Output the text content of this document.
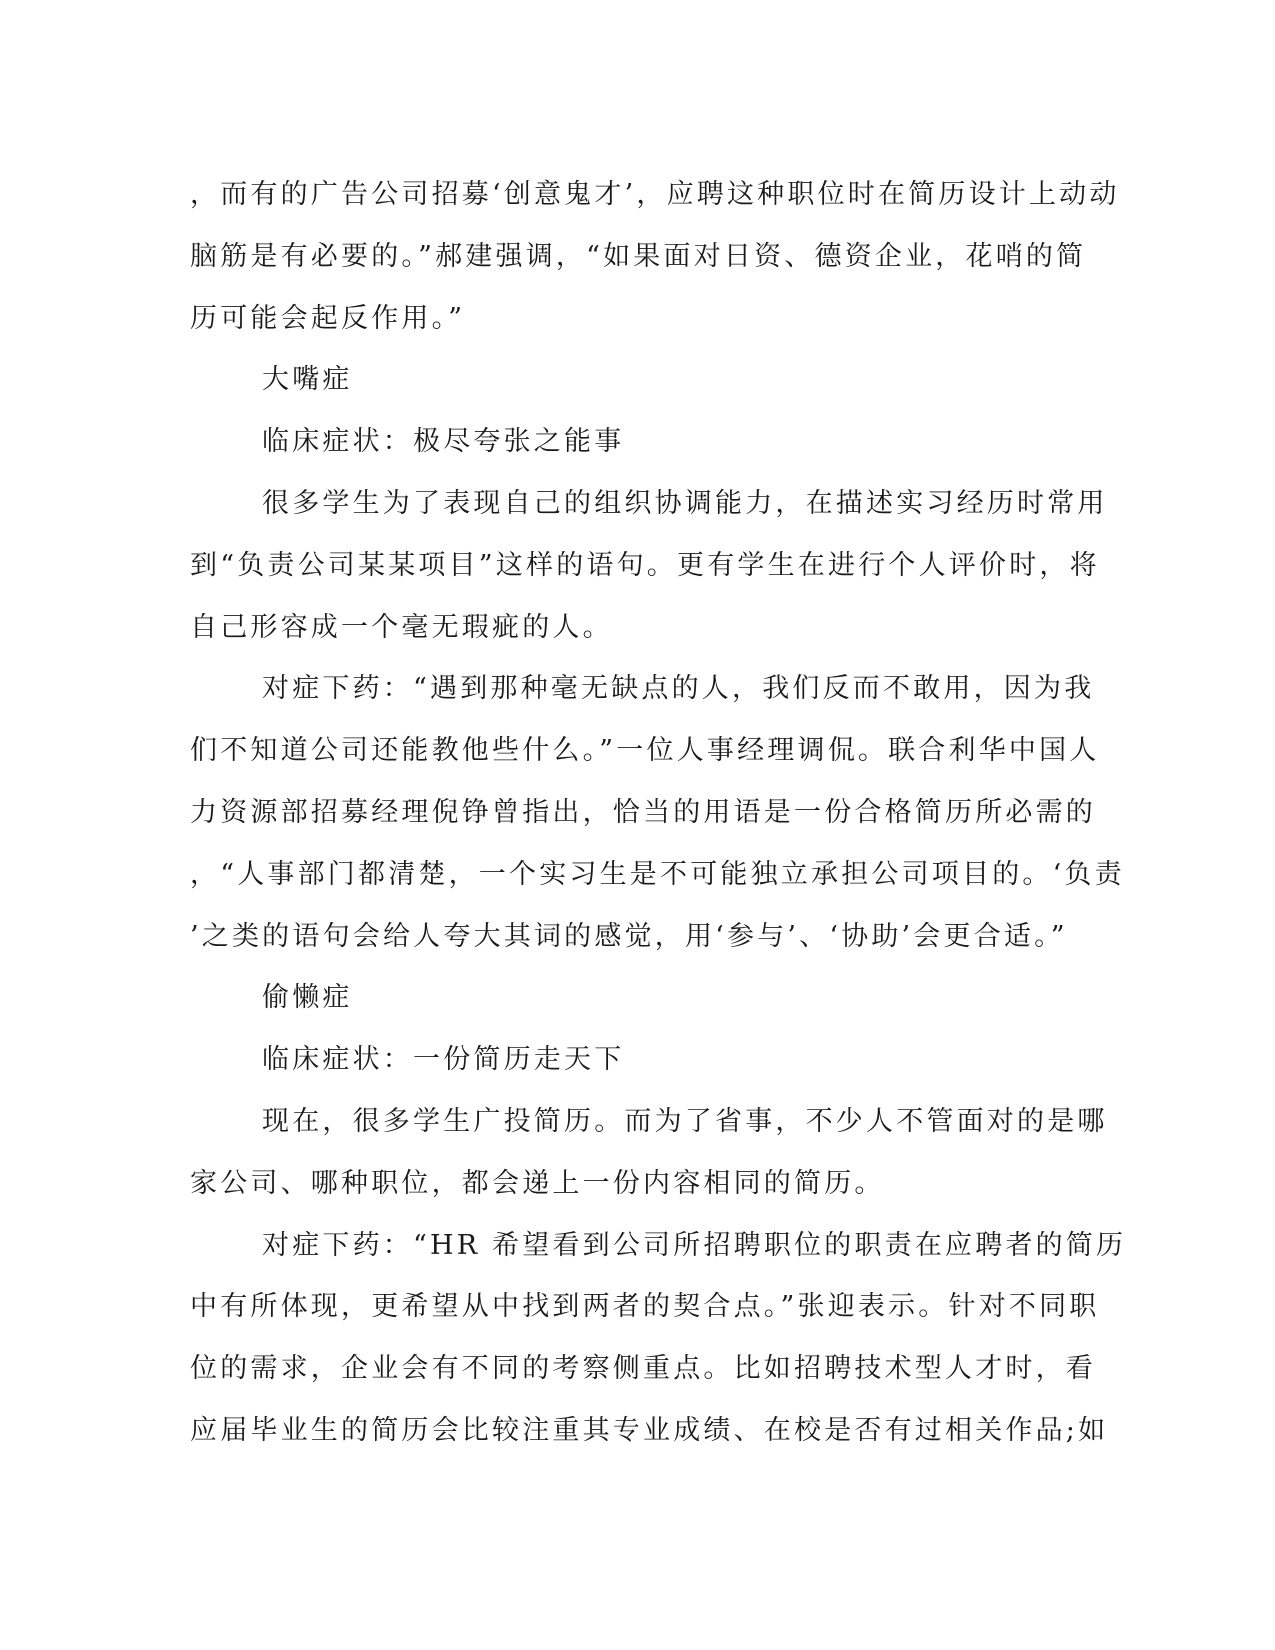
，而有的广告公司招募‘创意鬼才’，应聘这种职位时在简历设计上动动
脑筋是有必要的。”郝建强调，“如果面对日资、德资企业，花哨的简
历可能会起反作用。”
大嘴症
临床症状：极尽夸张之能事
很多学生为了表现自己的组织协调能力，在描述实习经历时常用
到“负责公司某某项目”这样的语句。更有学生在进行个人评价时，将
自己形容成一个毫无瑕疵的人。
对症下药：“遇到那种毫无缺点的人，我们反而不敢用，因为我
们不知道公司还能教他些什么。”一位人事经理调侃。联合利华中国人
力资源部招募经理倪铮曾指出，恰当的用语是一份合格简历所必需的
，“人事部门都清楚，一个实习生是不可能独立承担公司项目的。‘负责
’之类的语句会给人夸大其词的感觉，用‘参与’、‘协助’会更合适。”
偷懒症
临床症状：一份简历走天下
现在，很多学生广投简历。而为了省事，不少人不管面对的是哪
家公司、哪种职位，都会递上一份内容相同的简历。
对症下药：“HR 希望看到公司所招聘职位的职责在应聘者的简历
中有所体现，更希望从中找到两者的契合点。”张迎表示。针对不同职
位的需求，企业会有不同的考察侧重点。比如招聘技术型人才时，看
应届毕业生的简历会比较注重其专业成绩、在校是否有过相关作品;如
